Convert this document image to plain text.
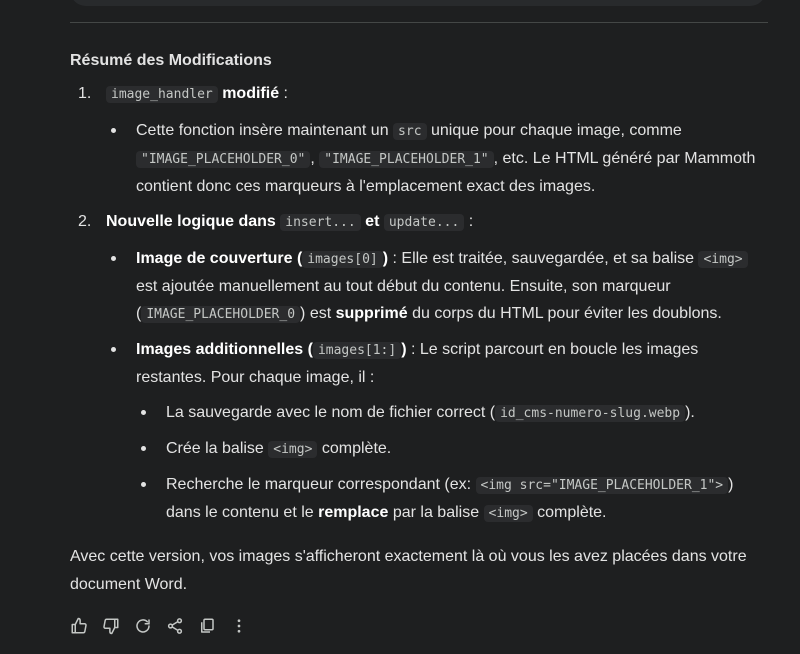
Résumé des Modifications
1.	image_handler modifié :
Cette fonction insère maintenant un src unique pour chaque image, comme "IMAGE_PLACEHOLDER_0" , "IMAGE_PLACEHOLDER_1" , etc. Le HTML généré par Mammoth contient donc ces marqueurs à l'emplacement exact des images.
2. Nouvelle logique dans insert... et update... :
Image de couverture ( images[0] ) : Elle est traitée, sauvegardée, et sa balise <img> est ajoutée manuellement au tout début du contenu. Ensuite, son marqueur ( IMAGE_PLACEHOLDER_0 ) est supprimé du corps du HTML pour éviter les doublons.
Images additionnelles ( images[1:] ) : Le script parcourt en boucle les images restantes. Pour chaque image, il :
La sauvegarde avec le nom de fichier correct ( id_cms-numero-slug.webp ).
Crée la balise <img> complète.
Recherche le marqueur correspondant (ex: <img src="IMAGE_PLACEHOLDER_1"> ) dans le contenu et le remplace par la balise <img> complète.

Avec cette version, vos images s'afficheront exactement là où vous les avez placées dans votre document Word.
